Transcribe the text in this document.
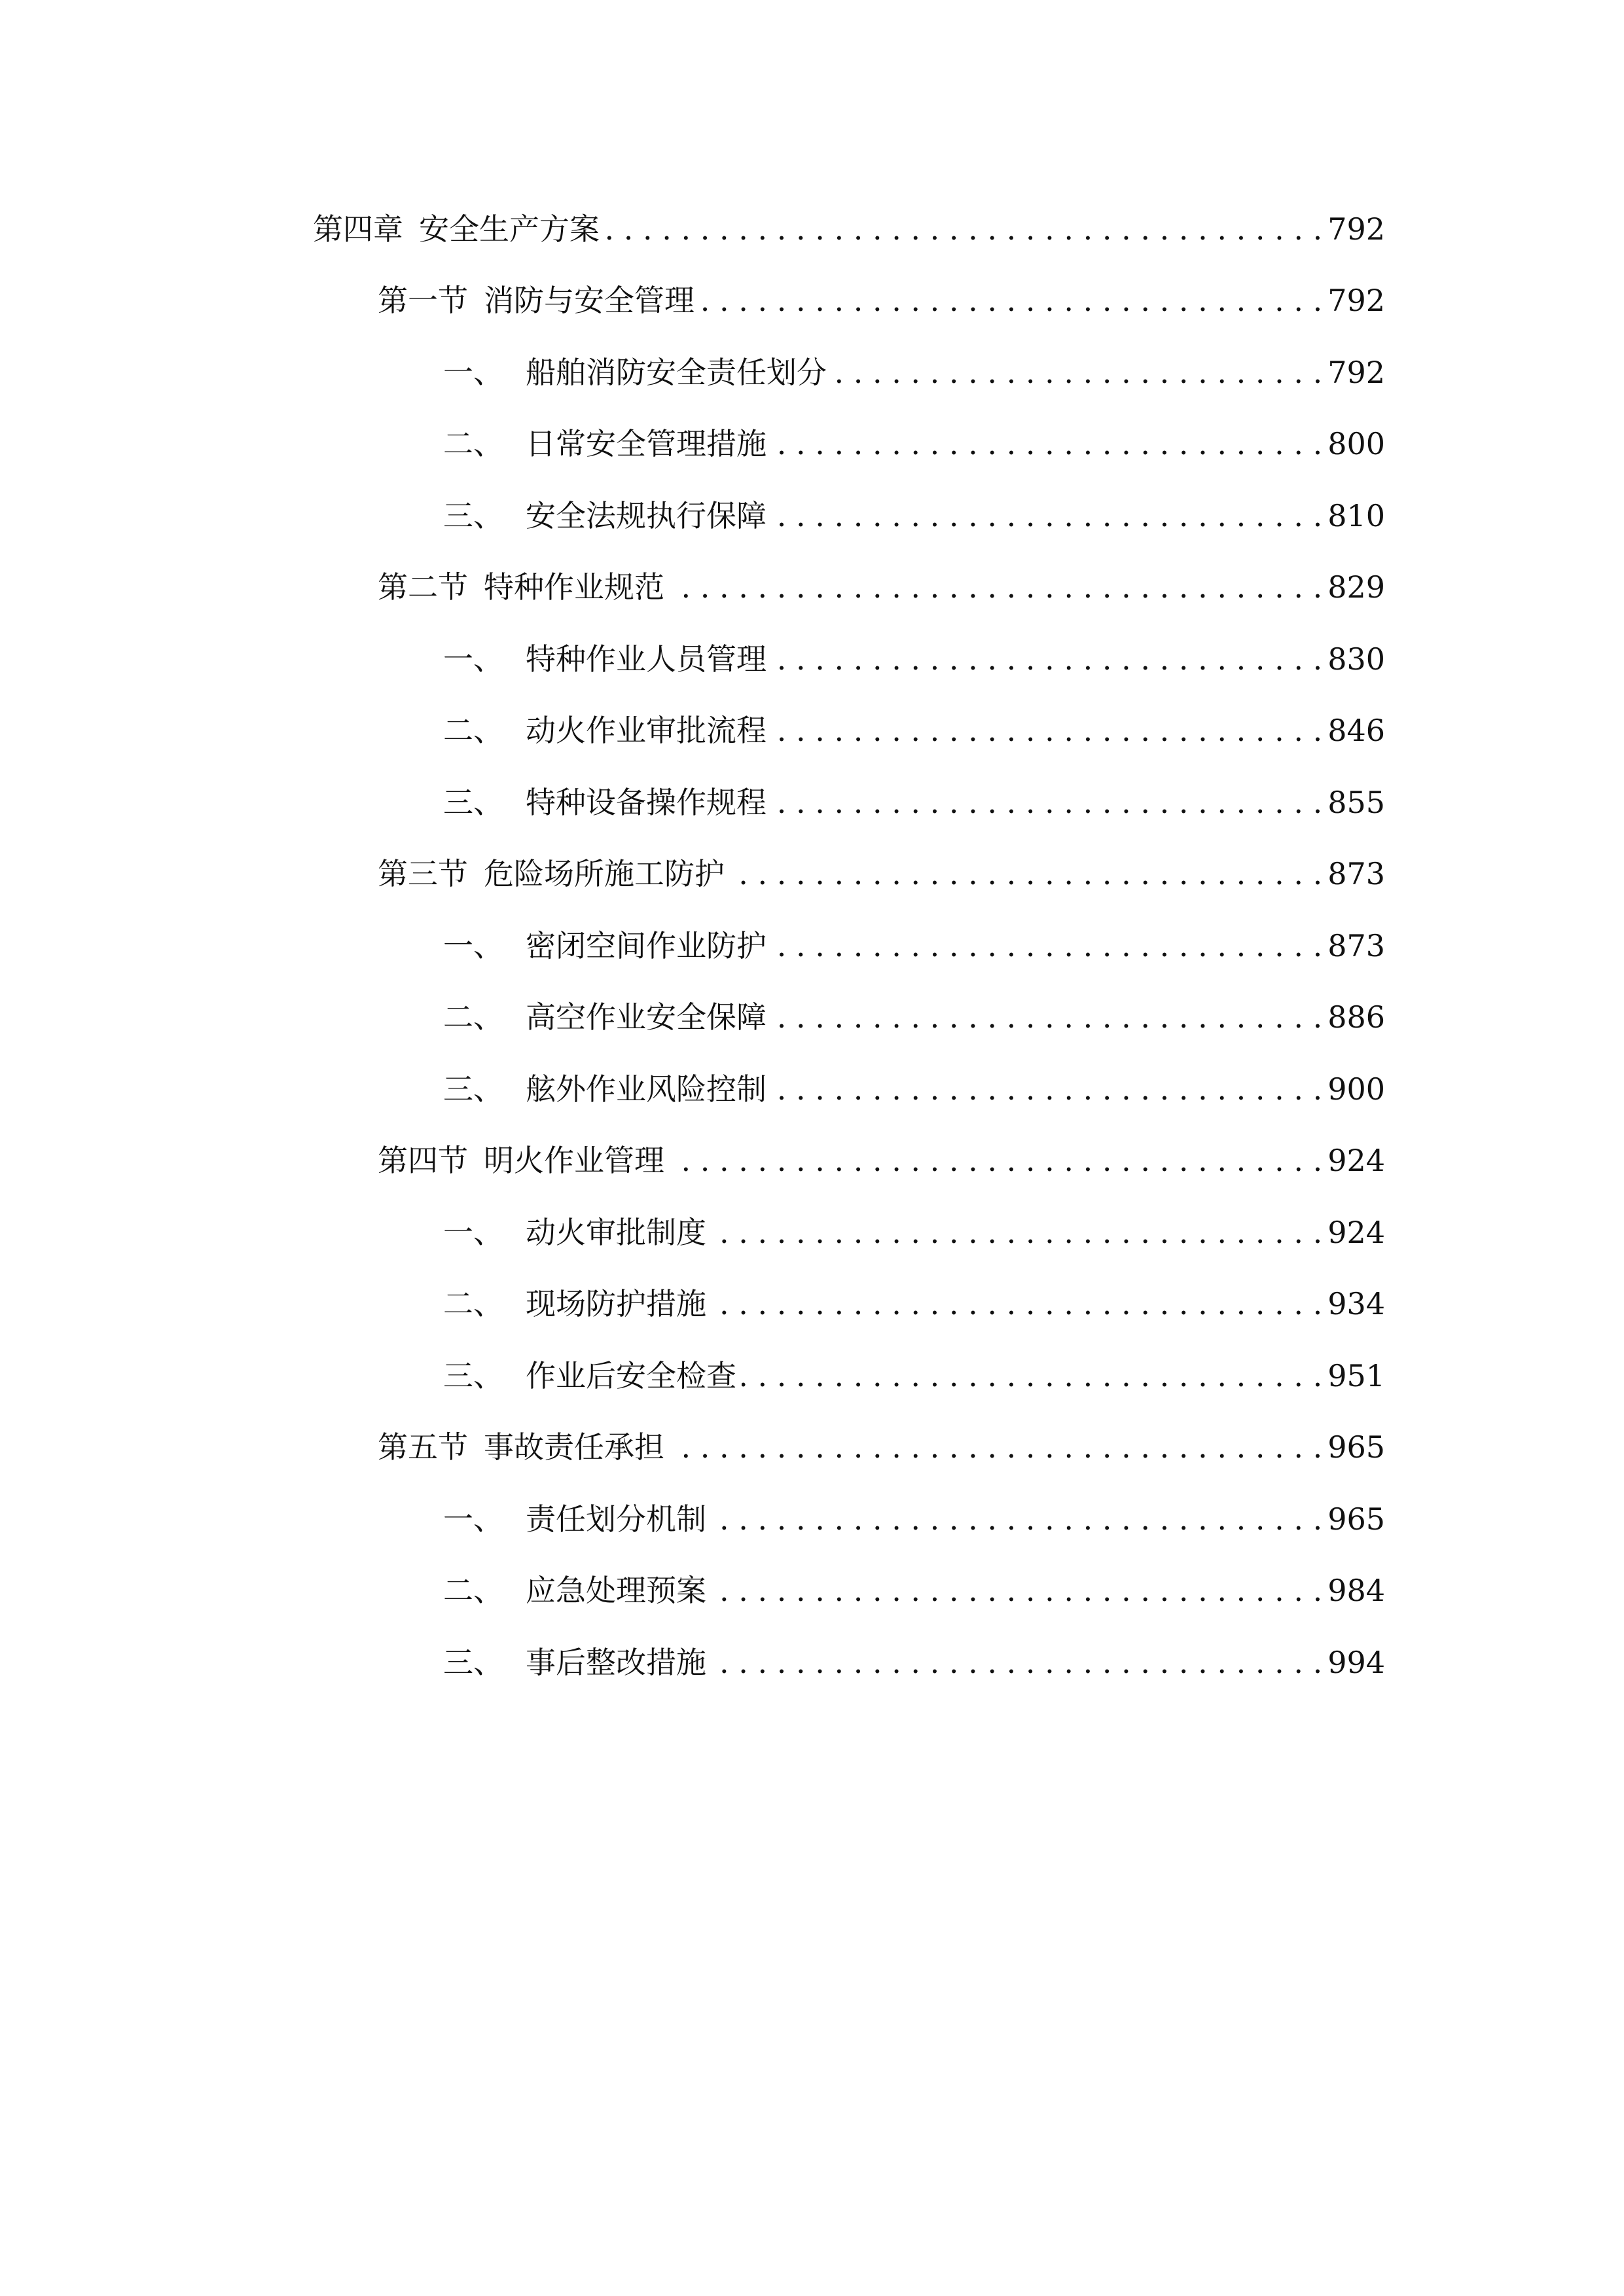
第四章 安全生产方案 . . .	792
第一节 消防与安全管理 . . .	792
一、 船舶消防安全责任划分 . . .	792
二、 日常安全管理措施 . . .	800
三、 安全法规执行保障 . . .	810
第二节 特种作业规范 . . .	829
一、 特种作业人员管理 . . .	830
二、 动火作业审批流程 . . .	846
三、 特种设备操作规程 . . .	855
第三节 危险场所施工防护 . . .	873
一、 密闭空间作业防护 . . .	873
二、 高空作业安全保障 . . .	886
三、 舷外作业风险控制 . . .	900
第四节 明火作业管理 . . .	924
一、 动火审批制度 . . .	924
二、 现场防护措施 . . .	934
三、 作业后安全检查 . . .	951
第五节 事故责任承担 . . .	965
一、 责任划分机制 . . .	965
二、 应急处理预案 . . .	984
三、 事后整改措施 . . .	994
